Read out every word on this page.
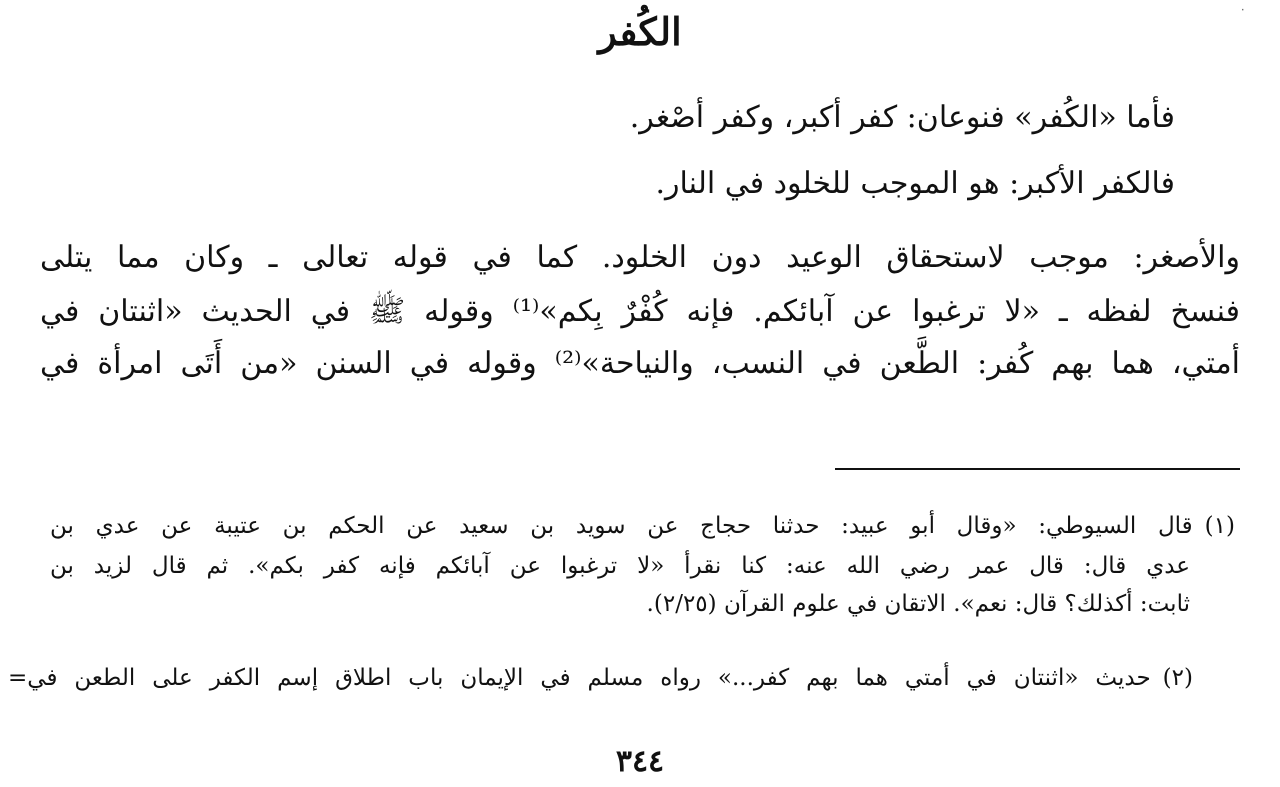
٠
الكُفر
فأما «الكُفر» فنوعان: كفر أكبر، وكفر أصْغر.
فالكفر الأكبر: هو الموجب للخلود في النار.
والأصغر: موجب لاستحقاق الوعيد دون الخلود. كما في قوله تعالى ـ وكان مما يتلى
فنسخ لفظه ـ «لا ترغبوا عن آبائكم. فإنه كُفْرٌ بِكم»⁽¹⁾ وقوله ﷺ في الحديث «اثنتان في
أمتي، هما بهم كُفر: الطَّعن في النسب، والنياحة»⁽²⁾ وقوله في السنن «من أَتَى امرأة في
(١)قال السيوطي: «وقال أبو عبيد: حدثنا حجاج عن سويد بن سعيد عن الحكم بن عتيبة عن عدي بن
عدي قال: قال عمر رضي الله عنه: كنا نقرأ «لا ترغبوا عن آبائكم فإنه كفر بكم». ثم قال لزيد بن
ثابت: أكذلك؟ قال: نعم». الاتقان في علوم القرآن (٢/٢٥).
(٢)حديث «اثنتان في أمتي هما بهم كفر...» رواه مسلم في الإيمان باب اطلاق إسم الكفر على الطعن في=
٣٤٤
